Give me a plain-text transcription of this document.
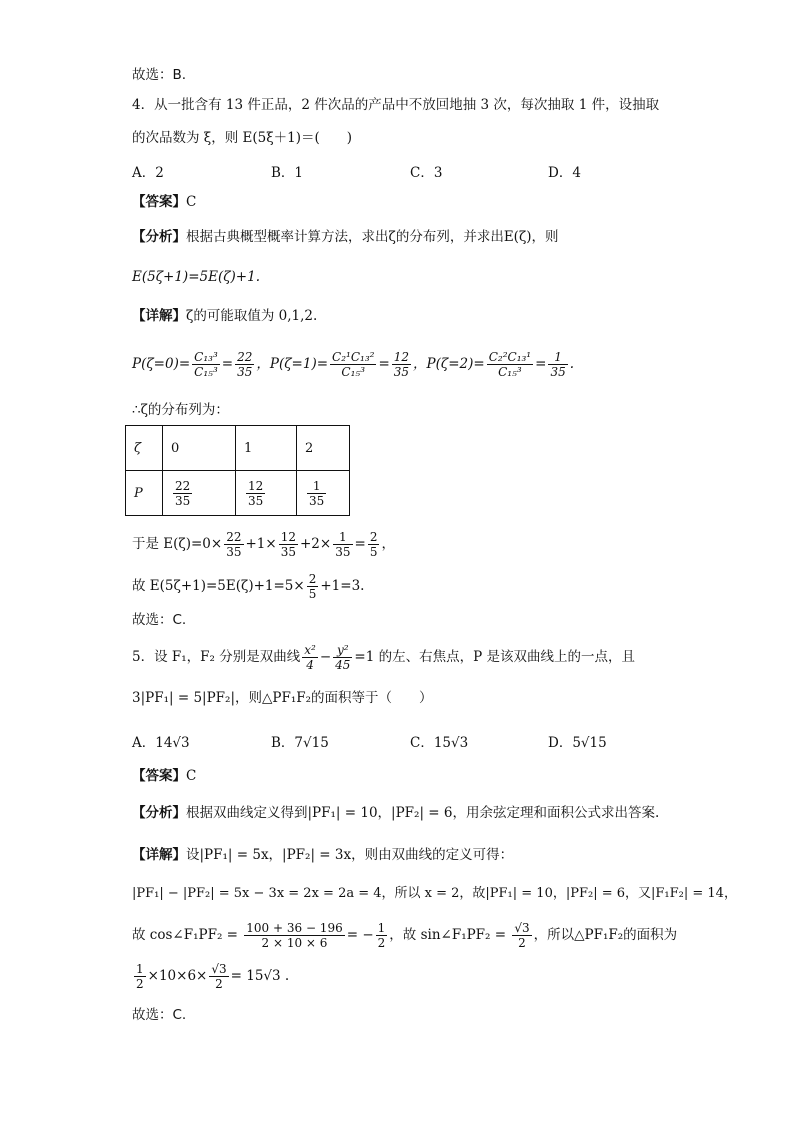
故选：B.
4．从一批含有 13 件正品，2 件次品的产品中不放回地抽 3 次，每次抽取 1 件，设抽取
的次品数为 ξ，则 E(5ξ＋1)＝(　　)
A．2	B．1	C．3	D．4
【答案】C
【分析】根据古典概型概率计算方法，求出ζ的分布列，并求出E(ζ)，则
E(5ζ+1)=5E(ζ)+1.
【详解】ζ的可能取值为 0,1,2.
$P(\zeta=0)= \frac{\text{C₁₃³}}{\text{C₁₅³}} = \frac{22}{35}$ ，$P(\zeta=1)= \frac{\text{C₂¹C₁₃²}}{\text{C₁₅³}} = \frac{12}{35}$ ，$P(\zeta=2)= \frac{\text{C₂²C₁₃¹}}{\text{C₁₅³}} = \frac{1}{35}$ .
∴ζ的分布列为：
ζ	0	1	2
P	$\frac{22}{35}$	$\frac{12}{35}$	$\frac{1}{35}$
于是 $E(\zeta)=0\times \frac{22}{35} +1\times \frac{12}{35} +2\times \frac{1}{35} = \frac{2}{5}$ ，
故 $E(5\zeta+1)=5E(\zeta)+1=5\times \frac{2}{5} +1=3$.
故选：C.
5．设 F₁，F₂ 分别是双曲线 $\frac{\text{x²}}{4} - \frac{\text{y²}}{45} =1$ 的左、右焦点，P 是该双曲线上的一点，且
3|PF₁| = 5|PF₂|，则△PF₁F₂的面积等于（　　）
A．14√3	B．7√15	C．15√3	D．5√15
【答案】C
【分析】根据双曲线定义得到|PF₁| = 10，|PF₂| = 6，用余弦定理和面积公式求出答案.
【详解】设|PF₁| = 5x，|PF₂| = 3x，则由双曲线的定义可得：
|PF₁| − |PF₂| = 5x − 3x = 2x = 2a = 4，所以 x = 2，故|PF₁| = 10，|PF₂| = 6，又|F₁F₂| = 14，
故 cos∠F₁PF₂ = $\frac{100 + 36 - 196}{2 \times 10 \times 6}$ = − $\frac{1}{2}$ ，故 sin∠F₁PF₂ = $\frac{√3}{2}$ ，所以△PF₁F₂的面积为
$\frac{1}{2} \times 10\times 6\times \frac{√3}{2} = 15√3$ .
故选：C.
